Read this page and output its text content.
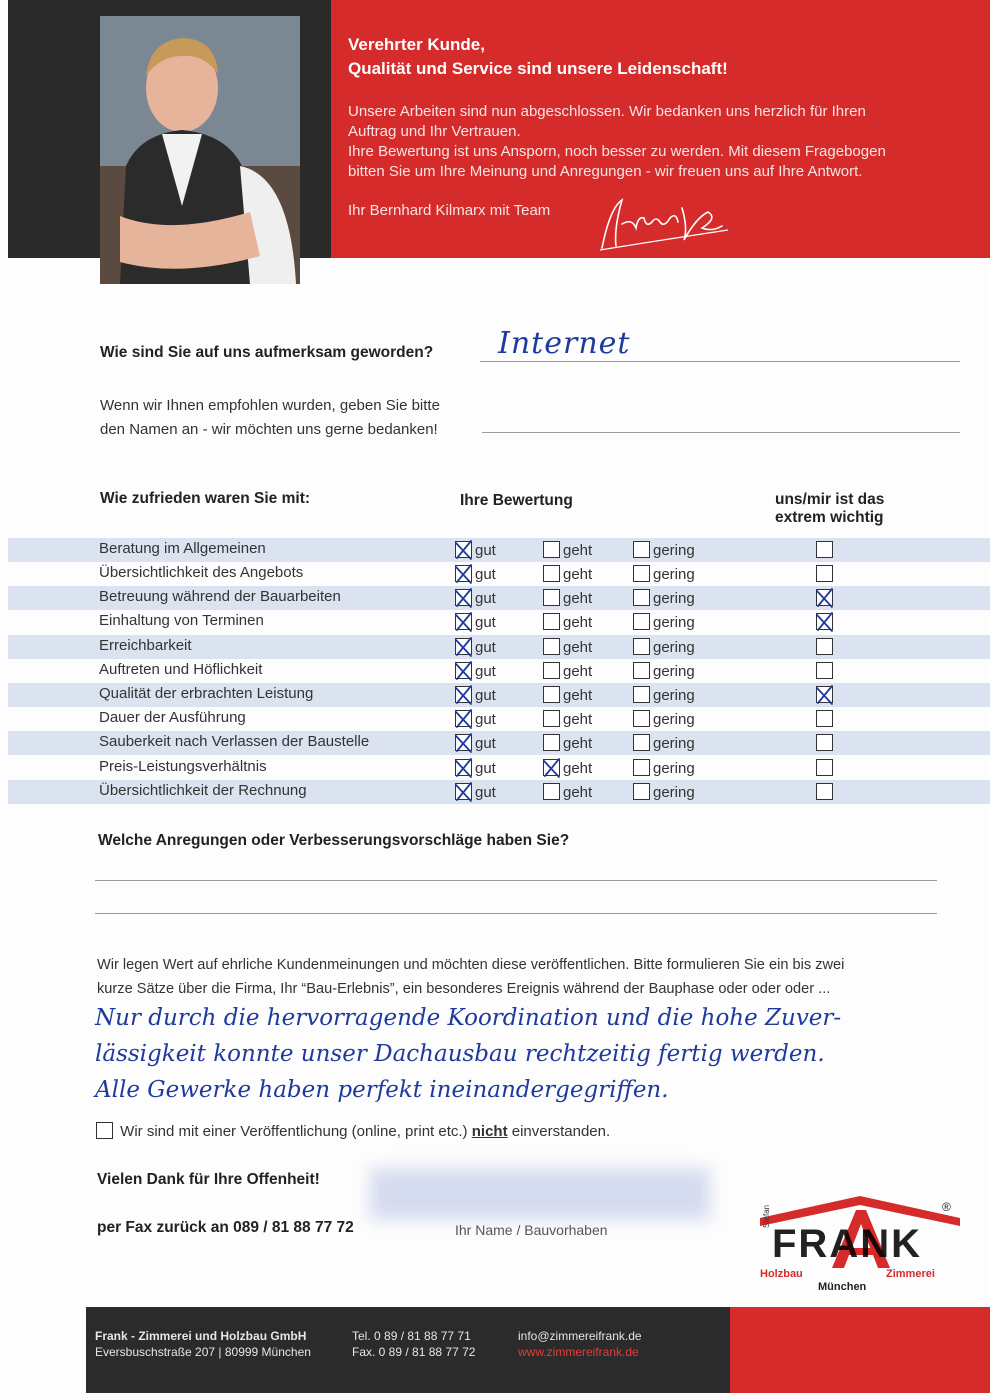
Verehrter Kunde,
Qualität und Service sind unsere Leidenschaft!
Unsere Arbeiten sind nun abgeschlossen. Wir bedanken uns herzlich für Ihren
Auftrag und Ihr Vertrauen.
Ihre Bewertung ist uns Ansporn, noch besser zu werden. Mit diesem Fragebogen
bitten Sie um Ihre Meinung und Anregungen - wir freuen uns auf Ihre Antwort.
Ihr Bernhard Kilmarx mit Team
Wie sind Sie auf uns aufmerksam geworden? Internet
Wenn wir Ihnen empfohlen wurden, geben Sie bitte
den Namen an - wir möchten uns gerne bedanken!
Wie zufrieden waren Sie mit:	Ihre Bewertung	uns/mir ist das
extrem wichtig
Beratung im Allgemeinen	gut	geht	gering
Übersichtlichkeit des Angebots	gut	geht	gering
Betreuung während der Bauarbeiten	gut	geht	gering
Einhaltung von Terminen	gut	geht	gering
Erreichbarkeit	gut	geht	gering
Auftreten und Höflichkeit	gut	geht	gering
Qualität der erbrachten Leistung	gut	geht	gering
Dauer der Ausführung	gut	geht	gering
Sauberkeit nach Verlassen der Baustelle	gut	geht	gering
Preis-Leistungsverhältnis	gut	geht	gering
Übersichtlichkeit der Rechnung	gut	geht	gering
Welche Anregungen oder Verbesserungsvorschläge haben Sie?
Wir legen Wert auf ehrliche Kundenmeinungen und möchten diese veröffentlichen. Bitte formulieren Sie ein bis zwei
kurze Sätze über die Firma, Ihr “Bau-Erlebnis”, ein besonderes Ereignis während der Bauphase oder oder oder ...
Nur durch die hervorragende Koordination und die hohe Zuver-
lässigkeit konnte unser Dachausbau rechtzeitig fertig werden.
Alle Gewerke haben perfekt ineinandergegriffen.
Wir sind mit einer Veröffentlichung (online, print etc.) nicht einverstanden.
Vielen Dank für Ihre Offenheit!
per Fax zurück an 089 / 81 88 77 72	Ihr Name / Bauvorhaben
Stefan
FRANK
Holzbau	Zimmerei
München
®
Frank - Zimmerei und Holzbau GmbH
Eversbuschstraße 207 | 80999 München
Tel. 0 89 / 81 88 77 71
Fax. 0 89 / 81 88 77 72
info@zimmereifrank.de
www.zimmereifrank.de
